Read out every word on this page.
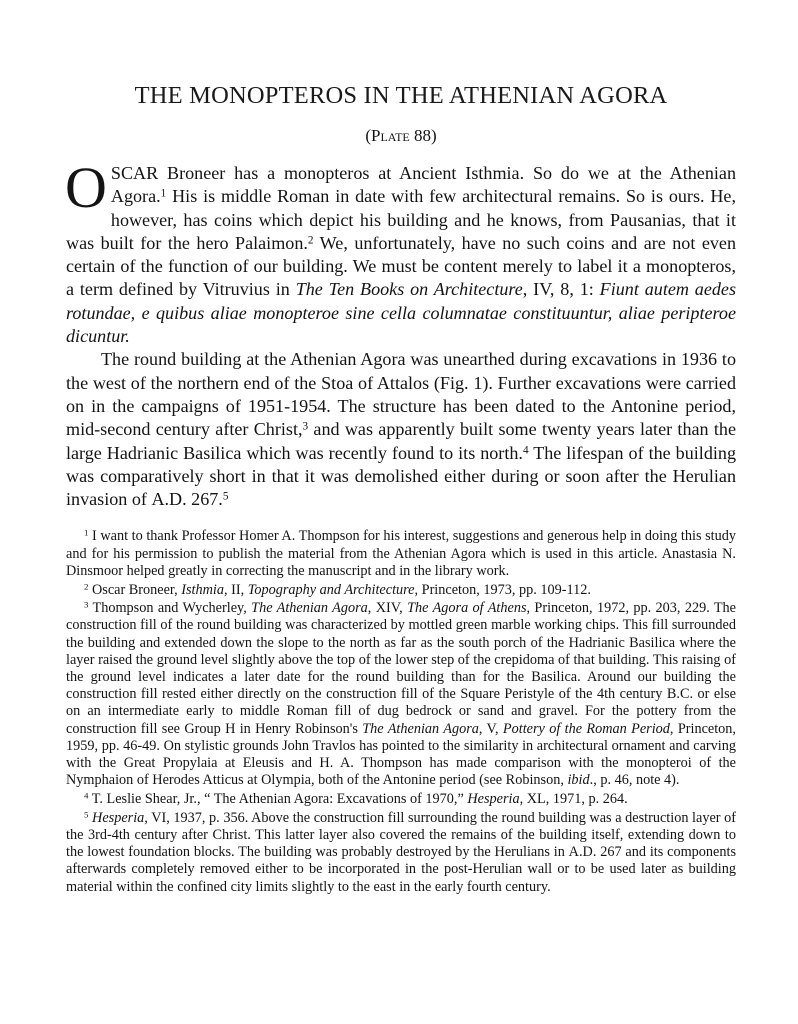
THE MONOPTEROS IN THE ATHENIAN AGORA
(Plate 88)

OSCAR Broneer has a monopteros at Ancient Isthmia. So do we at the Athenian Agora.$^1$ His is middle Roman in date with few architectural remains. So is ours. He, however, has coins which depict his building and he knows, from Pausanias, that it was built for the hero Palaimon.$^2$ We, unfortunately, have no such coins and are not even certain of the function of our building. We must be content merely to label it a monopteros, a term defined by Vitruvius in The Ten Books on Architecture, IV, 8, 1: Fiunt autem aedes rotundae, e quibus aliae monopteroe sine cella columnatae constituuntur, aliae peripteroe dicuntur.

The round building at the Athenian Agora was unearthed during excavations in 1936 to the west of the northern end of the Stoa of Attalos (Fig. 1). Further excavations were carried on in the campaigns of 1951-1954. The structure has been dated to the Antonine period, mid-second century after Christ,$^3$ and was apparently built some twenty years later than the large Hadrianic Basilica which was recently found to its north.$^4$ The lifespan of the building was comparatively short in that it was demolished either during or soon after the Herulian invasion of A.D. 267.$^5$

$^1$ I want to thank Professor Homer A. Thompson for his interest, suggestions and generous help in doing this study and for his permission to publish the material from the Athenian Agora which is used in this article. Anastasia N. Dinsmoor helped greatly in correcting the manuscript and in the library work.

$^2$ Oscar Broneer, Isthmia, II, Topography and Architecture, Princeton, 1973, pp. 109-112.

$^3$ Thompson and Wycherley, The Athenian Agora, XIV, The Agora of Athens, Princeton, 1972, pp. 203, 229. The construction fill of the round building was characterized by mottled green marble working chips. This fill surrounded the building and extended down the slope to the north as far as the south porch of the Hadrianic Basilica where the layer raised the ground level slightly above the top of the lower step of the crepidoma of that building. This raising of the ground level indicates a later date for the round building than for the Basilica. Around our building the construction fill rested either directly on the construction fill of the Square Peristyle of the 4th century B.C. or else on an intermediate early to middle Roman fill of dug bedrock or sand and gravel. For the pottery from the construction fill see Group H in Henry Robinson's The Athenian Agora, V, Pottery of the Roman Period, Princeton, 1959, pp. 46-49. On stylistic grounds John Travlos has pointed to the similarity in architectural ornament and carving with the Great Propylaia at Eleusis and H. A. Thompson has made comparison with the monopteroi of the Nymphaion of Herodes Atticus at Olympia, both of the Antonine period (see Robinson, ibid., p. 46, note 4).

$^4$ T. Leslie Shear, Jr., “ The Athenian Agora: Excavations of 1970,” Hesperia, XL, 1971, p. 264.

$^5$ Hesperia, VI, 1937, p. 356. Above the construction fill surrounding the round building was a destruction layer of the 3rd-4th century after Christ. This latter layer also covered the remains of the building itself, extending down to the lowest foundation blocks. The building was probably destroyed by the Herulians in A.D. 267 and its components afterwards completely removed either to be incorporated in the post-Herulian wall or to be used later as building material within the confined city limits slightly to the east in the early fourth century.
